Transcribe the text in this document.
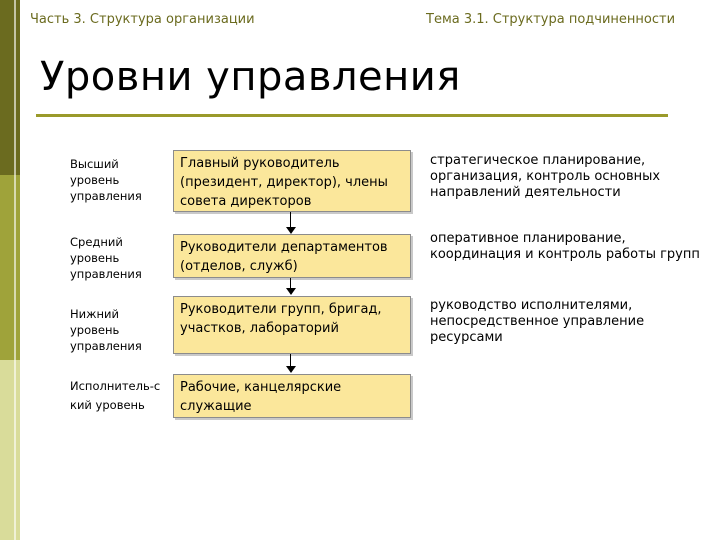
Часть 3. Структура организации	Тема 3.1. Структура подчиненности
Уровни управления
Высший
уровень
управления
Главный руководитель (президент, директор), члены совета директоров
стратегическое планирование, организация, контроль основных направлений деятельности
Средний
уровень
управления
Руководители департаментов (отделов, служб)
оперативное планирование, координация и контроль работы групп
Нижний
уровень
управления
Руководители групп, бригад, участков, лабораторий
руководство исполнителями, непосредственное управление ресурсами
Исполнитель-с
кий уровень
Рабочие, канцелярские служащие
